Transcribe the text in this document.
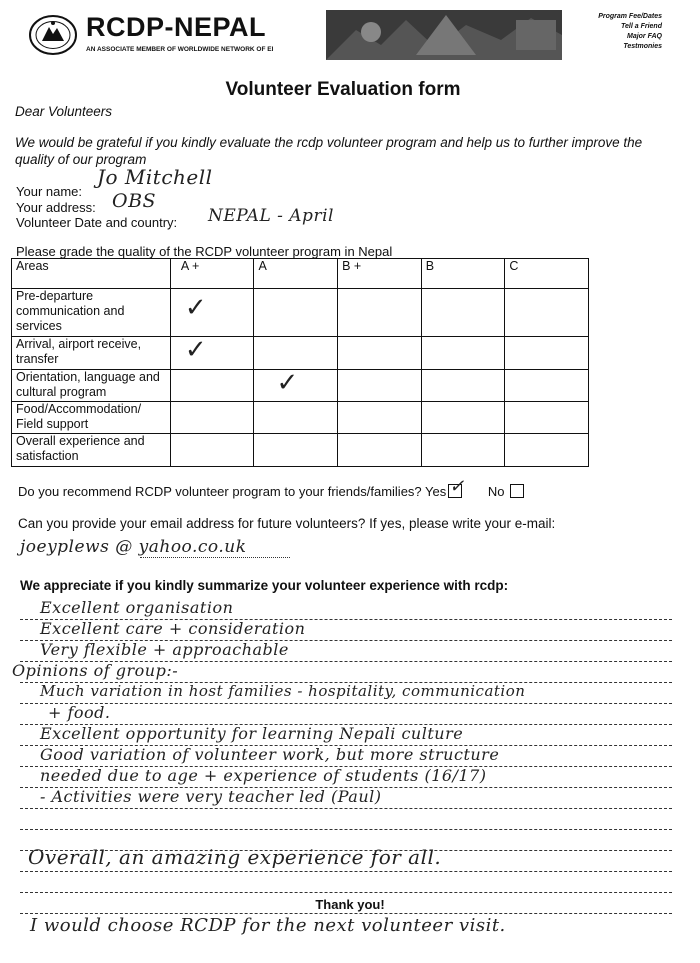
RCDP-NEPAL
AN ASSOCIATE MEMBER OF WORLDWIDE NETWORK OF EI
Program Fee/Dates
Tell a Friend
Major FAQ
Testmonies
Volunteer Evaluation form
Dear Volunteers
We would be grateful if you kindly evaluate the rcdp volunteer program and help us to further improve the quality of our program
Your name:
Jo Mitchell
Your address: OBS
Volunteer Date and country: NEPAL - April
Please grade the quality of the RCDP volunteer program in Nepal
Areas	A +	A	B +	B	C
Pre-departure communication and services	✓				

Arrival, airport receive, transfer	✓				

Orientation, language and cultural program		✓			

Food/Accommodation/ Field support					
Overall experience and satisfaction					
Do you recommend RCDP volunteer program to your friends/families? Yes ✓ No
Can you provide your email address for future volunteers? If yes, please write your e-mail:
joeyplews @ yahoo.co.uk
We appreciate if you kindly summarize your volunteer experience with rcdp:
Excellent organisation
Excellent care + consideration
Very flexible + approachable
Opinions of group:-
Much variation in host families - hospitality, communication
+ food.
Excellent opportunity for learning Nepali culture
Good variation of volunteer work, but more structure
needed due to age + experience of students (16/17)
- Activities were very teacher led (Paul)
Overall, an amazing experience for all.
Thank you!
I would choose RCDP for the next volunteer visit.
